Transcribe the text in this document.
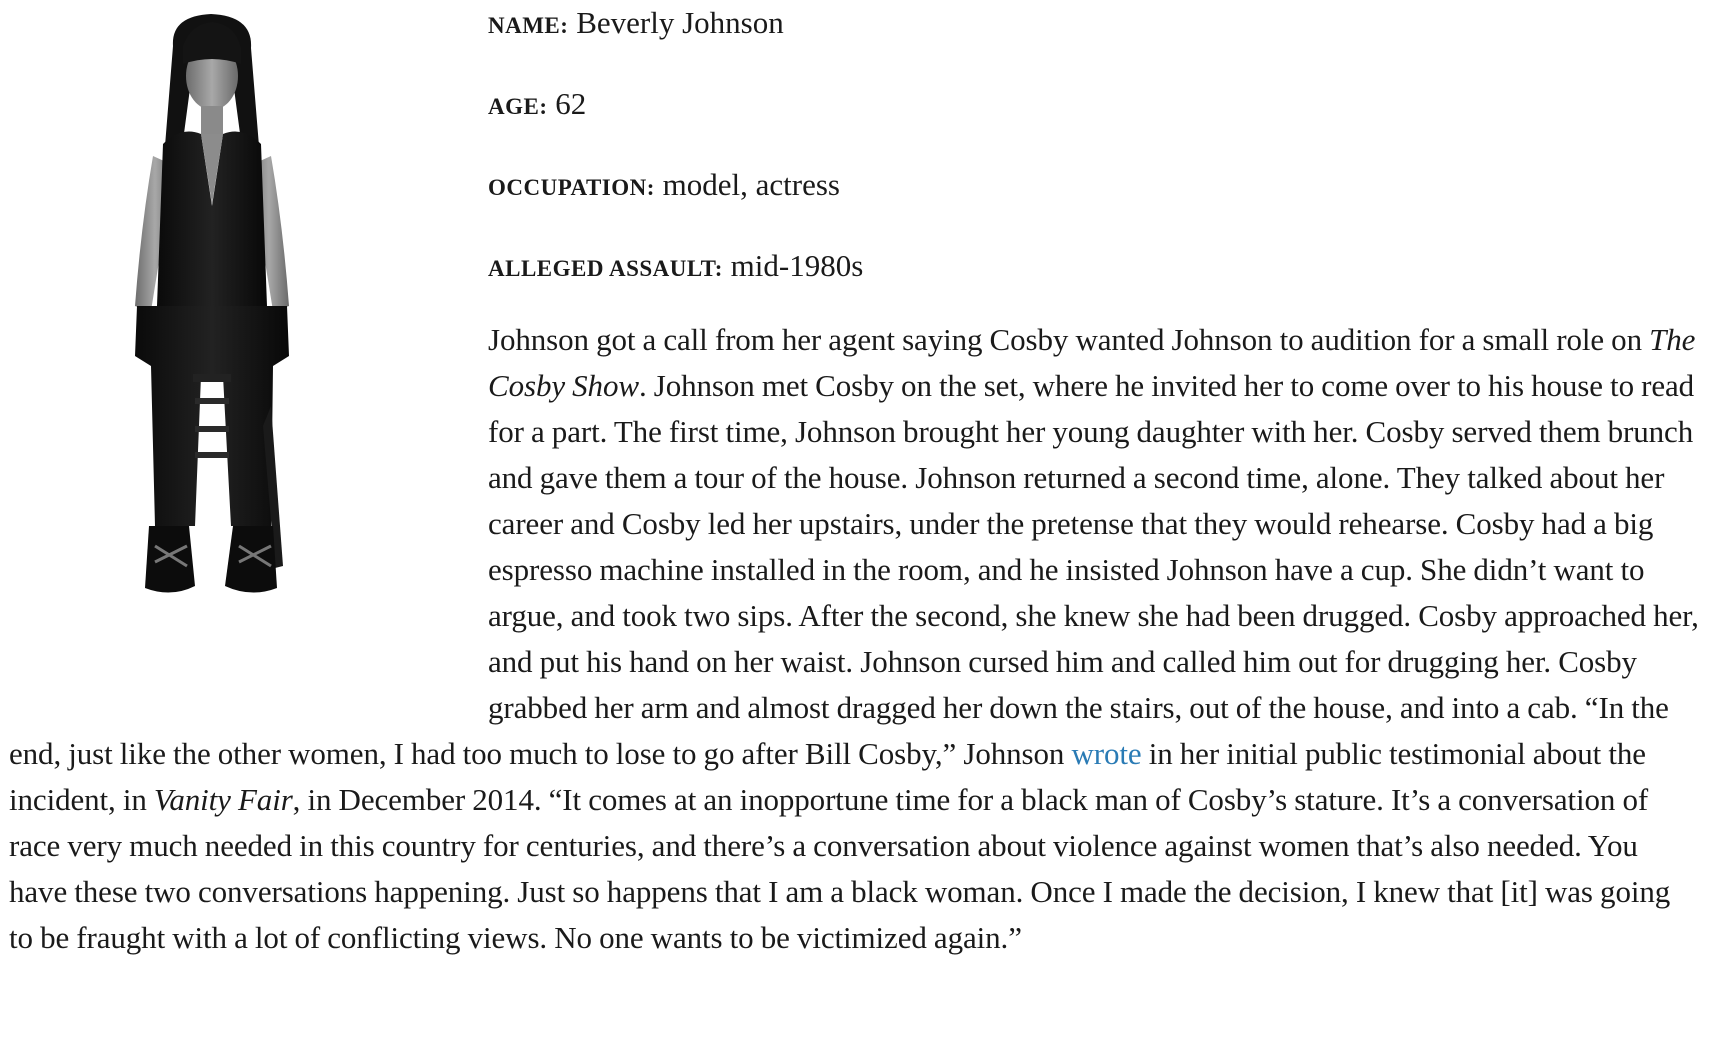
NAME: Beverly Johnson

AGE: 62

OCCUPATION: model, actress

ALLEGED ASSAULT: mid-1980s

Johnson got a call from her agent saying Cosby wanted Johnson to audition for a small role on The Cosby Show. Johnson met Cosby on the set, where he invited her to come over to his house to read for a part. The first time, Johnson brought her young daughter with her. Cosby served them brunch and gave them a tour of the house. Johnson returned a second time, alone. They talked about her career and Cosby led her upstairs, under the pretense that they would rehearse. Cosby had a big espresso machine installed in the room, and he insisted Johnson have a cup. She didn’t want to argue, and took two sips. After the second, she knew she had been drugged. Cosby approached her, and put his hand on her waist. Johnson cursed him and called him out for drugging her. Cosby grabbed her arm and almost dragged her down the stairs, out of the house, and into a cab. “In the end, just like the other women, I had too much to lose to go after Bill Cosby,” Johnson wrote in her initial public testimonial about the incident, in Vanity Fair, in December 2014. “It comes at an inopportune time for a black man of Cosby’s stature. It’s a conversation of race very much needed in this country for centuries, and there’s a conversation about violence against women that’s also needed. You have these two conversations happening. Just so happens that I am a black woman. Once I made the decision, I knew that [it] was going to be fraught with a lot of conflicting views. No one wants to be victimized again.”
